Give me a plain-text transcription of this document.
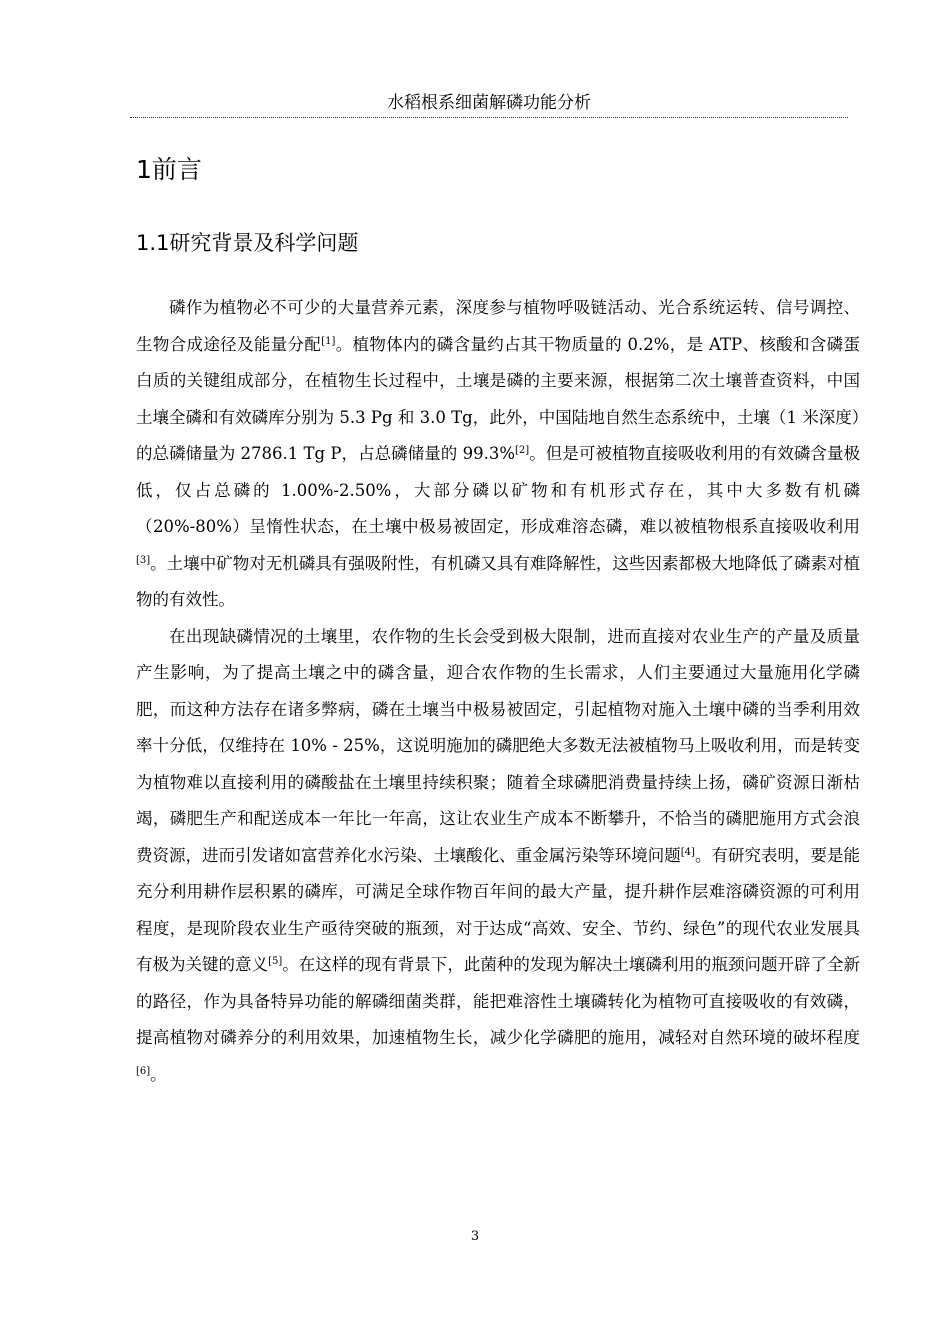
水稻根系细菌解磷功能分析
1前言
1.1研究背景及科学问题

磷作为植物必不可少的大量营养元素，深度参与植物呼吸链活动、光合系统运转、信号调控、生物合成途径及能量分配[1]。植物体内的磷含量约占其干物质量的 0.2%，是 ATP、核酸和含磷蛋白质的关键组成部分，在植物生长过程中，土壤是磷的主要来源，根据第二次土壤普查资料，中国土壤全磷和有效磷库分别为 5.3 Pg 和 3.0 Tg，此外，中国陆地自然生态系统中，土壤（1 米深度）的总磷储量为 2786.1 Tg P，占总磷储量的 99.3%[2]。但是可被植物直接吸收利用的有效磷含量极低，仅占总磷的 1.00%-2.50%，大部分磷以矿物和有机形式存在，其中大多数有机磷（20%-80%）呈惰性状态，在土壤中极易被固定，形成难溶态磷，难以被植物根系直接吸收利用[3]。土壤中矿物对无机磷具有强吸附性，有机磷又具有难降解性，这些因素都极大地降低了磷素对植物的有效性。

在出现缺磷情况的土壤里，农作物的生长会受到极大限制，进而直接对农业生产的产量及质量产生影响，为了提高土壤之中的磷含量，迎合农作物的生长需求，人们主要通过大量施用化学磷肥，而这种方法存在诸多弊病，磷在土壤当中极易被固定，引起植物对施入土壤中磷的当季利用效率十分低，仅维持在 10% - 25%，这说明施加的磷肥绝大多数无法被植物马上吸收利用，而是转变为植物难以直接利用的磷酸盐在土壤里持续积聚；随着全球磷肥消费量持续上扬，磷矿资源日渐枯竭，磷肥生产和配送成本一年比一年高，这让农业生产成本不断攀升，不恰当的磷肥施用方式会浪费资源，进而引发诸如富营养化水污染、土壤酸化、重金属污染等环境问题[4]。有研究表明，要是能充分利用耕作层积累的磷库，可满足全球作物百年间的最大产量，提升耕作层难溶磷资源的可利用程度，是现阶段农业生产亟待突破的瓶颈，对于达成“高效、安全、节约、绿色”的现代农业发展具有极为关键的意义[5]。在这样的现有背景下，此菌种的发现为解决土壤磷利用的瓶颈问题开辟了全新的路径，作为具备特异功能的解磷细菌类群，能把难溶性土壤磷转化为植物可直接吸收的有效磷，提高植物对磷养分的利用效果，加速植物生长，减少化学磷肥的施用，减轻对自然环境的破坏程度[6]。

3
